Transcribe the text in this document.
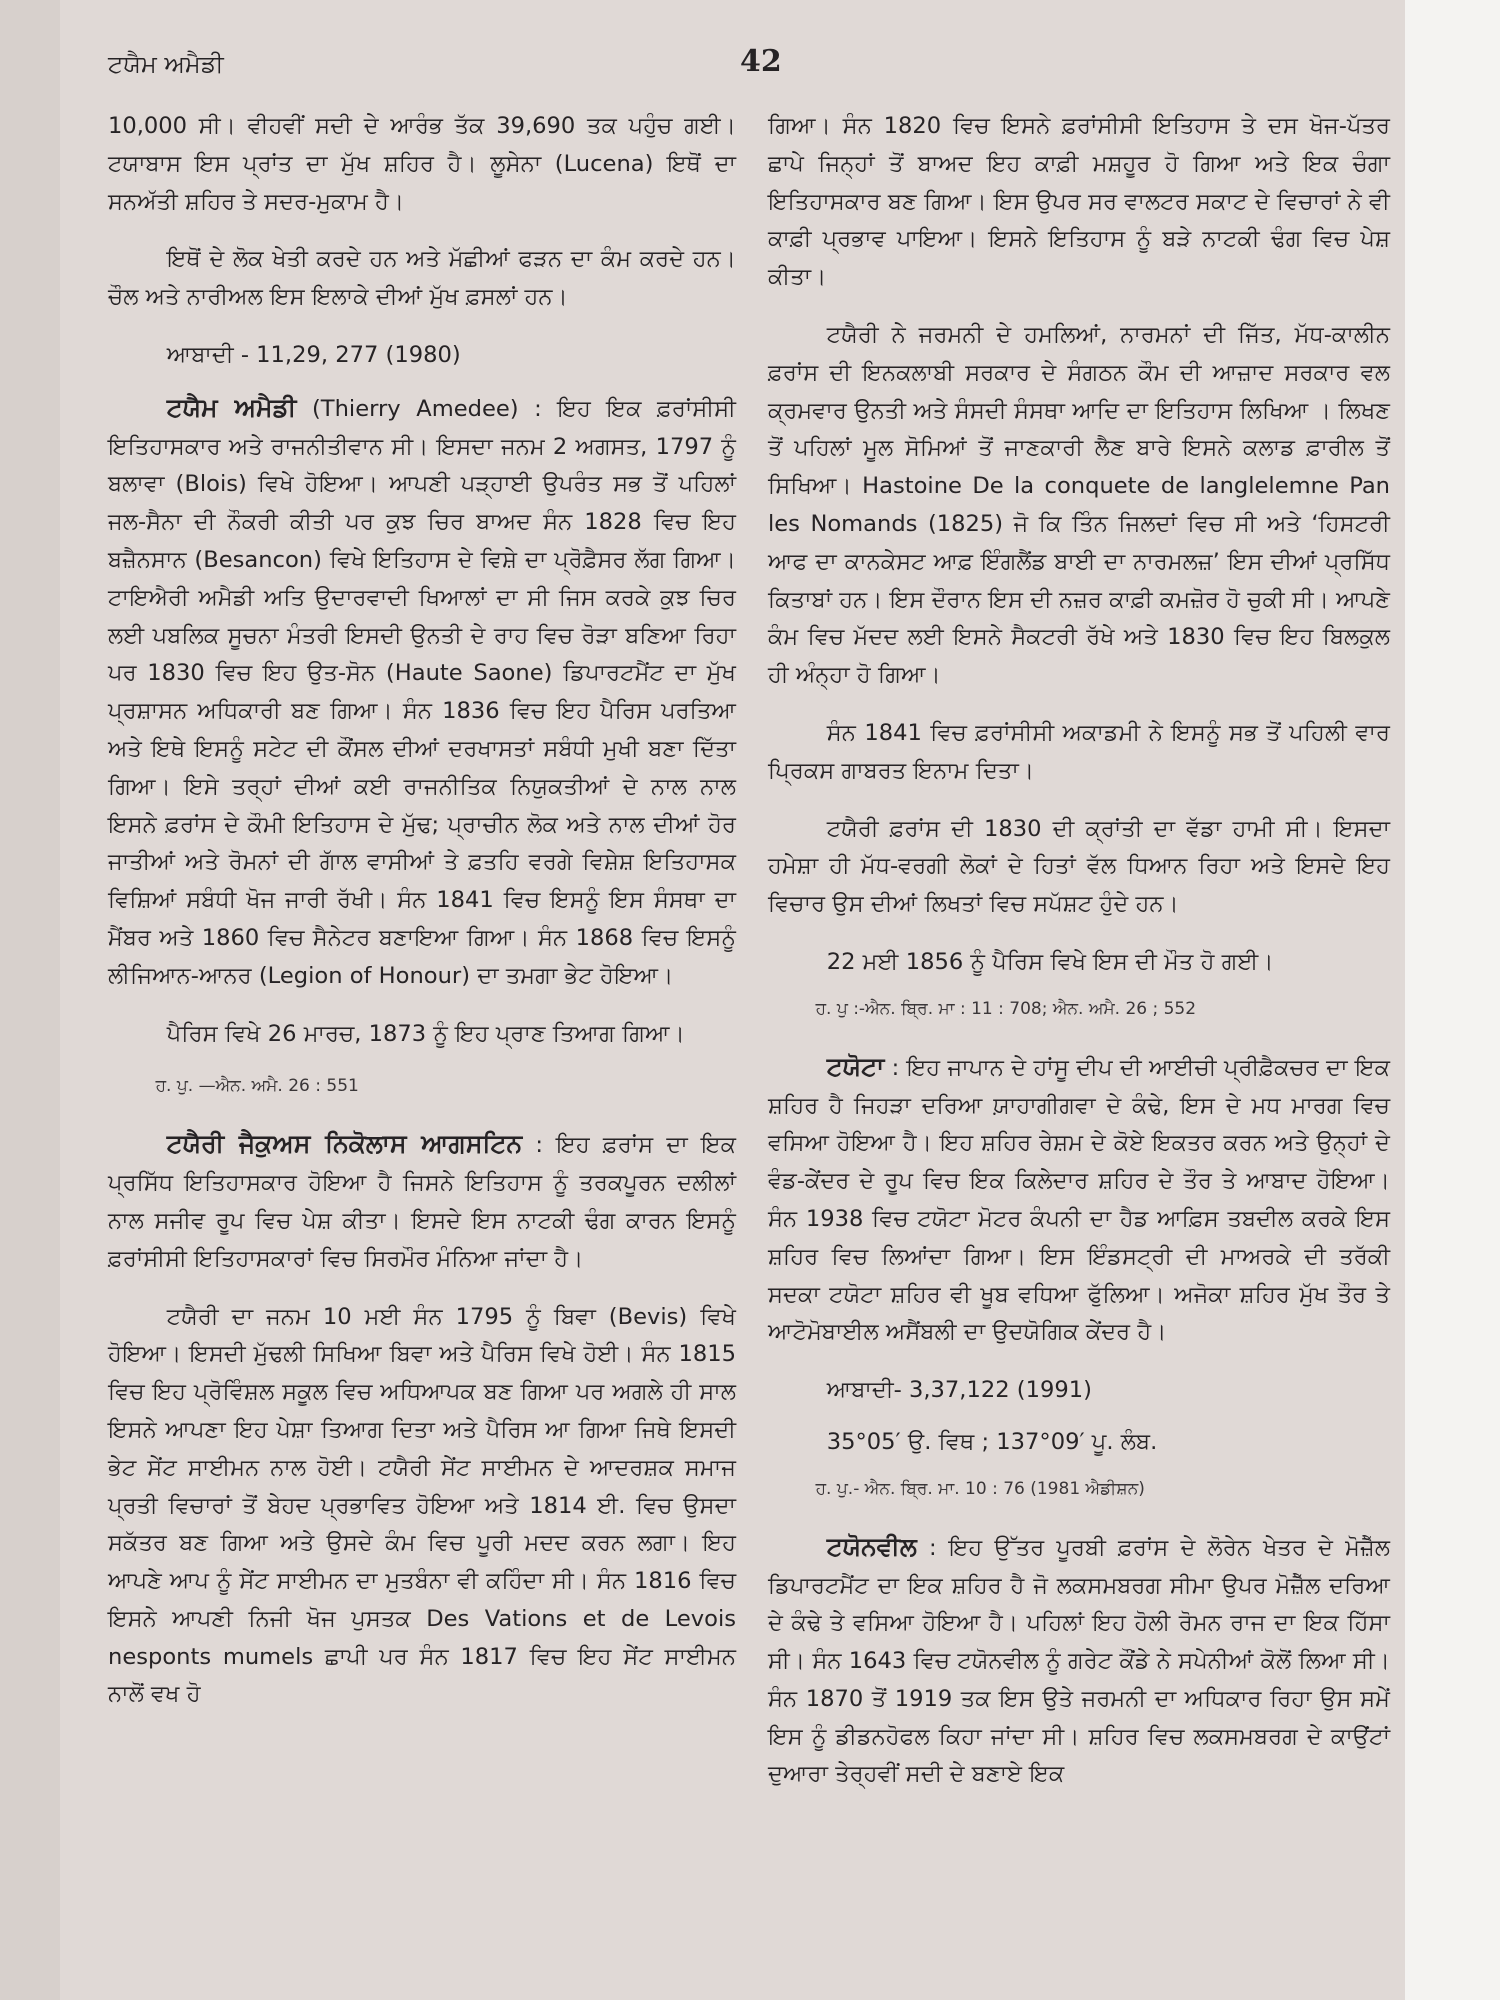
ਟਯੈਮ ਅਮੈਡੀ	42

10,000 ਸੀ। ਵੀਹਵੀਂ ਸਦੀ ਦੇ ਆਰੰਭ ਤੱਕ 39,690 ਤਕ ਪਹੁੰਚ ਗਈ। ਟਯਾਬਾਸ ਇਸ ਪ੍ਰਾਂਤ ਦਾ ਮੁੱਖ ਸ਼ਹਿਰ ਹੈ। ਲੂਸੇਨਾ (Lucena) ਇਥੋਂ ਦਾ ਸਨਅੱਤੀ ਸ਼ਹਿਰ ਤੇ ਸਦਰ-ਮੁਕਾਮ ਹੈ।

ਇਥੋਂ ਦੇ ਲੋਕ ਖੇਤੀ ਕਰਦੇ ਹਨ ਅਤੇ ਮੱਛੀਆਂ ਫੜਨ ਦਾ ਕੰਮ ਕਰਦੇ ਹਨ। ਚੌਲ ਅਤੇ ਨਾਰੀਅਲ ਇਸ ਇਲਾਕੇ ਦੀਆਂ ਮੁੱਖ ਫ਼ਸਲਾਂ ਹਨ।

ਆਬਾਦੀ - 11,29, 277 (1980)

ਟਯੈਮ ਅਮੈਡੀ (Thierry Amedee) : ਇਹ ਇਕ ਫ਼ਰਾਂਸੀਸੀ ਇਤਿਹਾਸਕਾਰ ਅਤੇ ਰਾਜਨੀਤੀਵਾਨ ਸੀ। ਇਸਦਾ ਜਨਮ 2 ਅਗਸਤ, 1797 ਨੂੰ ਬਲਾਵਾ (Blois) ਵਿਖੇ ਹੋਇਆ। ਆਪਣੀ ਪੜ੍ਹਾਈ ਉਪਰੰਤ ਸਭ ਤੋਂ ਪਹਿਲਾਂ ਜਲ-ਸੈਨਾ ਦੀ ਨੌਕਰੀ ਕੀਤੀ ਪਰ ਕੁਝ ਚਿਰ ਬਾਅਦ ਸੰਨ 1828 ਵਿਚ ਇਹ ਬਜ਼ੈਨਸਾਨ (Besancon) ਵਿਖੇ ਇਤਿਹਾਸ ਦੇ ਵਿਸ਼ੇ ਦਾ ਪ੍ਰੋਫ਼ੈਸਰ ਲੱਗ ਗਿਆ। ਟਾਇਐਰੀ ਅਮੈਡੀ ਅਤਿ ਉਦਾਰਵਾਦੀ ਖਿਆਲਾਂ ਦਾ ਸੀ ਜਿਸ ਕਰਕੇ ਕੁਝ ਚਿਰ ਲਈ ਪਬਲਿਕ ਸੂਚਨਾ ਮੰਤਰੀ ਇਸਦੀ ਉਨਤੀ ਦੇ ਰਾਹ ਵਿਚ ਰੋੜਾ ਬਣਿਆ ਰਿਹਾ ਪਰ 1830 ਵਿਚ ਇਹ ਉਤ-ਸੋਨ (Haute Saone) ਡਿਪਾਰਟਮੈਂਟ ਦਾ ਮੁੱਖ ਪ੍ਰਸ਼ਾਸਨ ਅਧਿਕਾਰੀ ਬਣ ਗਿਆ। ਸੰਨ 1836 ਵਿਚ ਇਹ ਪੈਰਿਸ ਪਰਤਿਆ ਅਤੇ ਇਥੇ ਇਸਨੂੰ ਸਟੇਟ ਦੀ ਕੌਂਸਲ ਦੀਆਂ ਦਰਖਾਸਤਾਂ ਸਬੰਧੀ ਮੁਖੀ ਬਣਾ ਦਿੱਤਾ ਗਿਆ। ਇਸੇ ਤਰ੍ਹਾਂ ਦੀਆਂ ਕਈ ਰਾਜਨੀਤਿਕ ਨਿਯੁਕਤੀਆਂ ਦੇ ਨਾਲ ਨਾਲ ਇਸਨੇ ਫ਼ਰਾਂਸ ਦੇ ਕੌਮੀ ਇਤਿਹਾਸ ਦੇ ਮੁੱਢ; ਪ੍ਰਾਚੀਨ ਲੋਕ ਅਤੇ ਨਾਲ ਦੀਆਂ ਹੋਰ ਜਾਤੀਆਂ ਅਤੇ ਰੋਮਨਾਂ ਦੀ ਗਾੱਲ ਵਾਸੀਆਂ ਤੇ ਫ਼ਤਹਿ ਵਰਗੇ ਵਿਸ਼ੇਸ਼ ਇਤਿਹਾਸਕ ਵਿਸ਼ਿਆਂ ਸਬੰਧੀ ਖੋਜ ਜਾਰੀ ਰੱਖੀ। ਸੰਨ 1841 ਵਿਚ ਇਸਨੂੰ ਇਸ ਸੰਸਥਾ ਦਾ ਮੈਂਬਰ ਅਤੇ 1860 ਵਿਚ ਸੈਨੇਟਰ ਬਣਾਇਆ ਗਿਆ। ਸੰਨ 1868 ਵਿਚ ਇਸਨੂੰ ਲੀਜਿਆਨ-ਆਨਰ (Legion of Honour) ਦਾ ਤਮਗਾ ਭੇਟ ਹੋਇਆ।

ਪੈਰਿਸ ਵਿਖੇ 26 ਮਾਰਚ, 1873 ਨੂੰ ਇਹ ਪ੍ਰਾਣ ਤਿਆਗ ਗਿਆ।

ਹ. ਪੁ. —ਐਨ. ਅਮੈ. 26 : 551

ਟਯੈਰੀ ਜੈਕੁਅਸ ਨਿਕੋਲਾਸ ਆਗਸਟਿਨ : ਇਹ ਫ਼ਰਾਂਸ ਦਾ ਇਕ ਪ੍ਰਸਿੱਧ ਇਤਿਹਾਸਕਾਰ ਹੋਇਆ ਹੈ ਜਿਸਨੇ ਇਤਿਹਾਸ ਨੂੰ ਤਰਕਪੂਰਨ ਦਲੀਲਾਂ ਨਾਲ ਸਜੀਵ ਰੂਪ ਵਿਚ ਪੇਸ਼ ਕੀਤਾ। ਇਸਦੇ ਇਸ ਨਾਟਕੀ ਢੰਗ ਕਾਰਨ ਇਸਨੂੰ ਫ਼ਰਾਂਸੀਸੀ ਇਤਿਹਾਸਕਾਰਾਂ ਵਿਚ ਸਿਰਮੌਰ ਮੰਨਿਆ ਜਾਂਦਾ ਹੈ।

ਟਯੈਰੀ ਦਾ ਜਨਮ 10 ਮਈ ਸੰਨ 1795 ਨੂੰ ਬਿਵਾ (Bevis) ਵਿਖੇ ਹੋਇਆ। ਇਸਦੀ ਮੁੱਢਲੀ ਸਿਖਿਆ ਬਿਵਾ ਅਤੇ ਪੈਰਿਸ ਵਿਖੇ ਹੋਈ। ਸੰਨ 1815 ਵਿਚ ਇਹ ਪ੍ਰੋਵਿੰਸ਼ਲ ਸਕੂਲ ਵਿਚ ਅਧਿਆਪਕ ਬਣ ਗਿਆ ਪਰ ਅਗਲੇ ਹੀ ਸਾਲ ਇਸਨੇ ਆਪਣਾ ਇਹ ਪੇਸ਼ਾ ਤਿਆਗ ਦਿਤਾ ਅਤੇ ਪੈਰਿਸ ਆ ਗਿਆ ਜਿਥੇ ਇਸਦੀ ਭੇਟ ਸੇਂਟ ਸਾਈਮਨ ਨਾਲ ਹੋਈ। ਟਯੈਰੀ ਸੇਂਟ ਸਾਈਮਨ ਦੇ ਆਦਰਸ਼ਕ ਸਮਾਜ ਪ੍ਰਤੀ ਵਿਚਾਰਾਂ ਤੋਂ ਬੇਹਦ ਪ੍ਰਭਾਵਿਤ ਹੋਇਆ ਅਤੇ 1814 ਈ. ਵਿਚ ਉਸਦਾ ਸਕੱਤਰ ਬਣ ਗਿਆ ਅਤੇ ਉਸਦੇ ਕੰਮ ਵਿਚ ਪੂਰੀ ਮਦਦ ਕਰਨ ਲਗਾ। ਇਹ ਆਪਣੇ ਆਪ ਨੂੰ ਸੇਂਟ ਸਾਈਮਨ ਦਾ ਮੁਤਬੰਨਾ ਵੀ ਕਹਿੰਦਾ ਸੀ। ਸੰਨ 1816 ਵਿਚ ਇਸਨੇ ਆਪਣੀ ਨਿਜੀ ਖੋਜ ਪੁਸਤਕ Des Vations et de Levois nesponts mumels ਛਾਪੀ ਪਰ ਸੰਨ 1817 ਵਿਚ ਇਹ ਸੇਂਟ ਸਾਈਮਨ ਨਾਲੋਂ ਵਖ ਹੋ

ਗਿਆ। ਸੰਨ 1820 ਵਿਚ ਇਸਨੇ ਫ਼ਰਾਂਸੀਸੀ ਇਤਿਹਾਸ ਤੇ ਦਸ ਖੋਜ-ਪੱਤਰ ਛਾਪੇ ਜਿਨ੍ਹਾਂ ਤੋਂ ਬਾਅਦ ਇਹ ਕਾਫ਼ੀ ਮਸ਼ਹੂਰ ਹੋ ਗਿਆ ਅਤੇ ਇਕ ਚੰਗਾ ਇਤਿਹਾਸਕਾਰ ਬਣ ਗਿਆ। ਇਸ ਉਪਰ ਸਰ ਵਾਲਟਰ ਸਕਾਟ ਦੇ ਵਿਚਾਰਾਂ ਨੇ ਵੀ ਕਾਫ਼ੀ ਪ੍ਰਭਾਵ ਪਾਇਆ। ਇਸਨੇ ਇਤਿਹਾਸ ਨੂੰ ਬੜੇ ਨਾਟਕੀ ਢੰਗ ਵਿਚ ਪੇਸ਼ ਕੀਤਾ।

ਟਯੈਰੀ ਨੇ ਜਰਮਨੀ ਦੇ ਹਮਲਿਆਂ, ਨਾਰਮਨਾਂ ਦੀ ਜਿੱਤ, ਮੱਧ-ਕਾਲੀਨ ਫ਼ਰਾਂਸ ਦੀ ਇਨਕਲਾਬੀ ਸਰਕਾਰ ਦੇ ਸੰਗਠਨ ਕੌਮ ਦੀ ਆਜ਼ਾਦ ਸਰਕਾਰ ਵਲ ਕ੍ਰਮਵਾਰ ਉਨਤੀ ਅਤੇ ਸੰਸਦੀ ਸੰਸਥਾ ਆਦਿ ਦਾ ਇਤਿਹਾਸ ਲਿਖਿਆ । ਲਿਖਣ ਤੋਂ ਪਹਿਲਾਂ ਮੂਲ ਸੋਮਿਆਂ ਤੋਂ ਜਾਣਕਾਰੀ ਲੈਣ ਬਾਰੇ ਇਸਨੇ ਕਲਾਡ ਫ਼ਾਰੀਲ ਤੋਂ ਸਿਖਿਆ। Hastoine De la conquete de langlelemne Pan les Nomands (1825) ਜੋ ਕਿ ਤਿੰਨ ਜਿਲਦਾਂ ਵਿਚ ਸੀ ਅਤੇ ‘ਹਿਸਟਰੀ ਆਫ ਦਾ ਕਾਨਕੇਸਟ ਆਫ਼ ਇੰਗਲੈਂਡ ਬਾਈ ਦਾ ਨਾਰਮਲਜ਼’ ਇਸ ਦੀਆਂ ਪ੍ਰਸਿੱਧ ਕਿਤਾਬਾਂ ਹਨ। ਇਸ ਦੌਰਾਨ ਇਸ ਦੀ ਨਜ਼ਰ ਕਾਫ਼ੀ ਕਮਜ਼ੋਰ ਹੋ ਚੁਕੀ ਸੀ। ਆਪਣੇ ਕੰਮ ਵਿਚ ਮੱਦਦ ਲਈ ਇਸਨੇ ਸੈਕਟਰੀ ਰੱਖੇ ਅਤੇ 1830 ਵਿਚ ਇਹ ਬਿਲਕੁਲ ਹੀ ਅੰਨ੍ਹਾ ਹੋ ਗਿਆ।

ਸੰਨ 1841 ਵਿਚ ਫ਼ਰਾਂਸੀਸੀ ਅਕਾਡਮੀ ਨੇ ਇਸਨੂੰ ਸਭ ਤੋਂ ਪਹਿਲੀ ਵਾਰ ਪ੍ਰਿਕਸ ਗਾਬਰਤ ਇਨਾਮ ਦਿਤਾ।

ਟਯੈਰੀ ਫ਼ਰਾਂਸ ਦੀ 1830 ਦੀ ਕ੍ਰਾਂਤੀ ਦਾ ਵੱਡਾ ਹਾਮੀ ਸੀ। ਇਸਦਾ ਹਮੇਸ਼ਾ ਹੀ ਮੱਧ-ਵਰਗੀ ਲੋਕਾਂ ਦੇ ਹਿਤਾਂ ਵੱਲ ਧਿਆਨ ਰਿਹਾ ਅਤੇ ਇਸਦੇ ਇਹ ਵਿਚਾਰ ਉਸ ਦੀਆਂ ਲਿਖਤਾਂ ਵਿਚ ਸਪੱਸ਼ਟ ਹੁੰਦੇ ਹਨ।

22 ਮਈ 1856 ਨੂੰ ਪੈਰਿਸ ਵਿਖੇ ਇਸ ਦੀ ਮੌਤ ਹੋ ਗਈ।

ਹ. ਪੁ :-ਐਨ. ਬ੍ਰਿ. ਮਾ : 11 : 708; ਐਨ. ਅਮੈ. 26 ; 552

ਟਯੋਟਾ : ਇਹ ਜਾਪਾਨ ਦੇ ਹਾਂਸੂ ਦੀਪ ਦੀ ਆਈਚੀ ਪ੍ਰੀਫ਼ੈਕਚਰ ਦਾ ਇਕ ਸ਼ਹਿਰ ਹੈ ਜਿਹੜਾ ਦਰਿਆ ਯ਼ਾਹਾਗੀਗਵਾ ਦੇ ਕੰਢੇ, ਇਸ ਦੇ ਮਧ ਮਾਰਗ ਵਿਚ ਵਸਿਆ ਹੋਇਆ ਹੈ। ਇਹ ਸ਼ਹਿਰ ਰੇਸ਼ਮ ਦੇ ਕੋਏ ਇਕਤਰ ਕਰਨ ਅਤੇ ਉਨ੍ਹਾਂ ਦੇ ਵੰਡ-ਕੇਂਦਰ ਦੇ ਰੂਪ ਵਿਚ ਇਕ ਕਿਲੇਦਾਰ ਸ਼ਹਿਰ ਦੇ ਤੌਰ ਤੇ ਆਬਾਦ ਹੋਇਆ। ਸੰਨ 1938 ਵਿਚ ਟਯੋਟਾ ਮੋਟਰ ਕੰਪਨੀ ਦਾ ਹੈਡ ਆਫ਼ਿਸ ਤਬਦੀਲ ਕਰਕੇ ਇਸ ਸ਼ਹਿਰ ਵਿਚ ਲਿਆਂਦਾ ਗਿਆ। ਇਸ ਇੰਡਸਟ੍ਰੀ ਦੀ ਮਾਅਰਕੇ ਦੀ ਤਰੱਕੀ ਸਦਕਾ ਟਯੋਟਾ ਸ਼ਹਿਰ ਵੀ ਖੂਬ ਵਧਿਆ ਫੁੱਲਿਆ। ਅਜੋਕਾ ਸ਼ਹਿਰ ਮੁੱਖ ਤੌਰ ਤੇ ਆਟੋਮੋਬਾਈਲ ਅਸੈਂਬਲੀ ਦਾ ਉਦਯੋਗਿਕ ਕੇਂਦਰ ਹੈ।

ਆਬਾਦੀ- 3,37,122 (1991)

35°05′ ਉ. ਵਿਥ ; 137°09′ ਪੂ. ਲੰਬ.

ਹ. ਪੁ.- ਐਨ. ਬ੍ਰਿ. ਮਾ. 10 : 76 (1981 ਐਡੀਸ਼ਨ)

ਟਯੋਨਵੀਲ : ਇਹ ਉੱਤਰ ਪੂਰਬੀ ਫ਼ਰਾਂਸ ਦੇ ਲੋਰੇਨ ਖੇਤਰ ਦੇ ਮੋਜ਼ੈੱਲ ਡਿਪਾਰਟਮੈਂਟ ਦਾ ਇਕ ਸ਼ਹਿਰ ਹੈ ਜੋ ਲਕਸਮਬਰਗ ਸੀਮਾ ਉਪਰ ਮੋਜ਼ੈੱਲ ਦਰਿਆ ਦੇ ਕੰਢੇ ਤੇ ਵਸਿਆ ਹੋਇਆ ਹੈ। ਪਹਿਲਾਂ ਇਹ ਹੋਲੀ ਰੋਮਨ ਰਾਜ ਦਾ ਇਕ ਹਿੱਸਾ ਸੀ। ਸੰਨ 1643 ਵਿਚ ਟਯੋਨਵੀਲ ਨੂੰ ਗਰੇਟ ਕੌਂਡੇ ਨੇ ਸਪੇਨੀਆਂ ਕੋਲੋਂ ਲਿਆ ਸੀ। ਸੰਨ 1870 ਤੋਂ 1919 ਤਕ ਇਸ ਉਤੇ ਜਰਮਨੀ ਦਾ ਅਧਿਕਾਰ ਰਿਹਾ ਉਸ ਸਮੇਂ ਇਸ ਨੂੰ ਡੀਡਨਹੋਫਲ ਕਿਹਾ ਜਾਂਦਾ ਸੀ। ਸ਼ਹਿਰ ਵਿਚ ਲਕਸਮਬਰਗ ਦੇ ਕਾਉਂਟਾਂ ਦੁਆਰਾ ਤੇਰ੍ਹਵੀਂ ਸਦੀ ਦੇ ਬਣਾਏ ਇਕ
